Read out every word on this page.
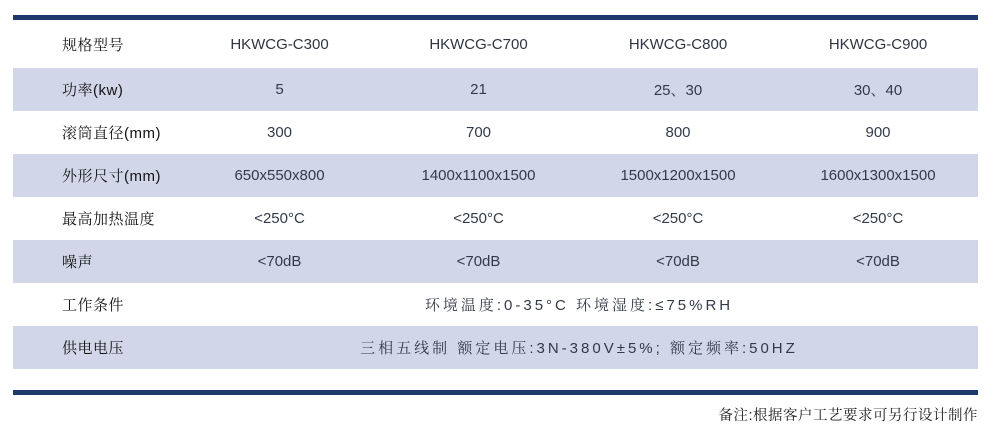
规格型号	HKWCG-C300	HKWCG-C700	HKWCG-C800	HKWCG-C900
功率(kw)	5	21	25、30	30、40
滚筒直径(mm)	300	700	800	900
外形尺寸(mm)	650x550x800	1400x1100x1500	1500x1200x1500	1600x1300x1500
最高加热温度	<250°C	<250°C	<250°C	<250°C
噪声	<70dB	<70dB	<70dB	<70dB
工作条件	环境温度:0-35°C 环境湿度:≤75%RH			
供电电压	三相五线制 额定电压:3N-380V±5%; 额定频率:50HZ			
备注:根据客户工艺要求可另行设计制作
